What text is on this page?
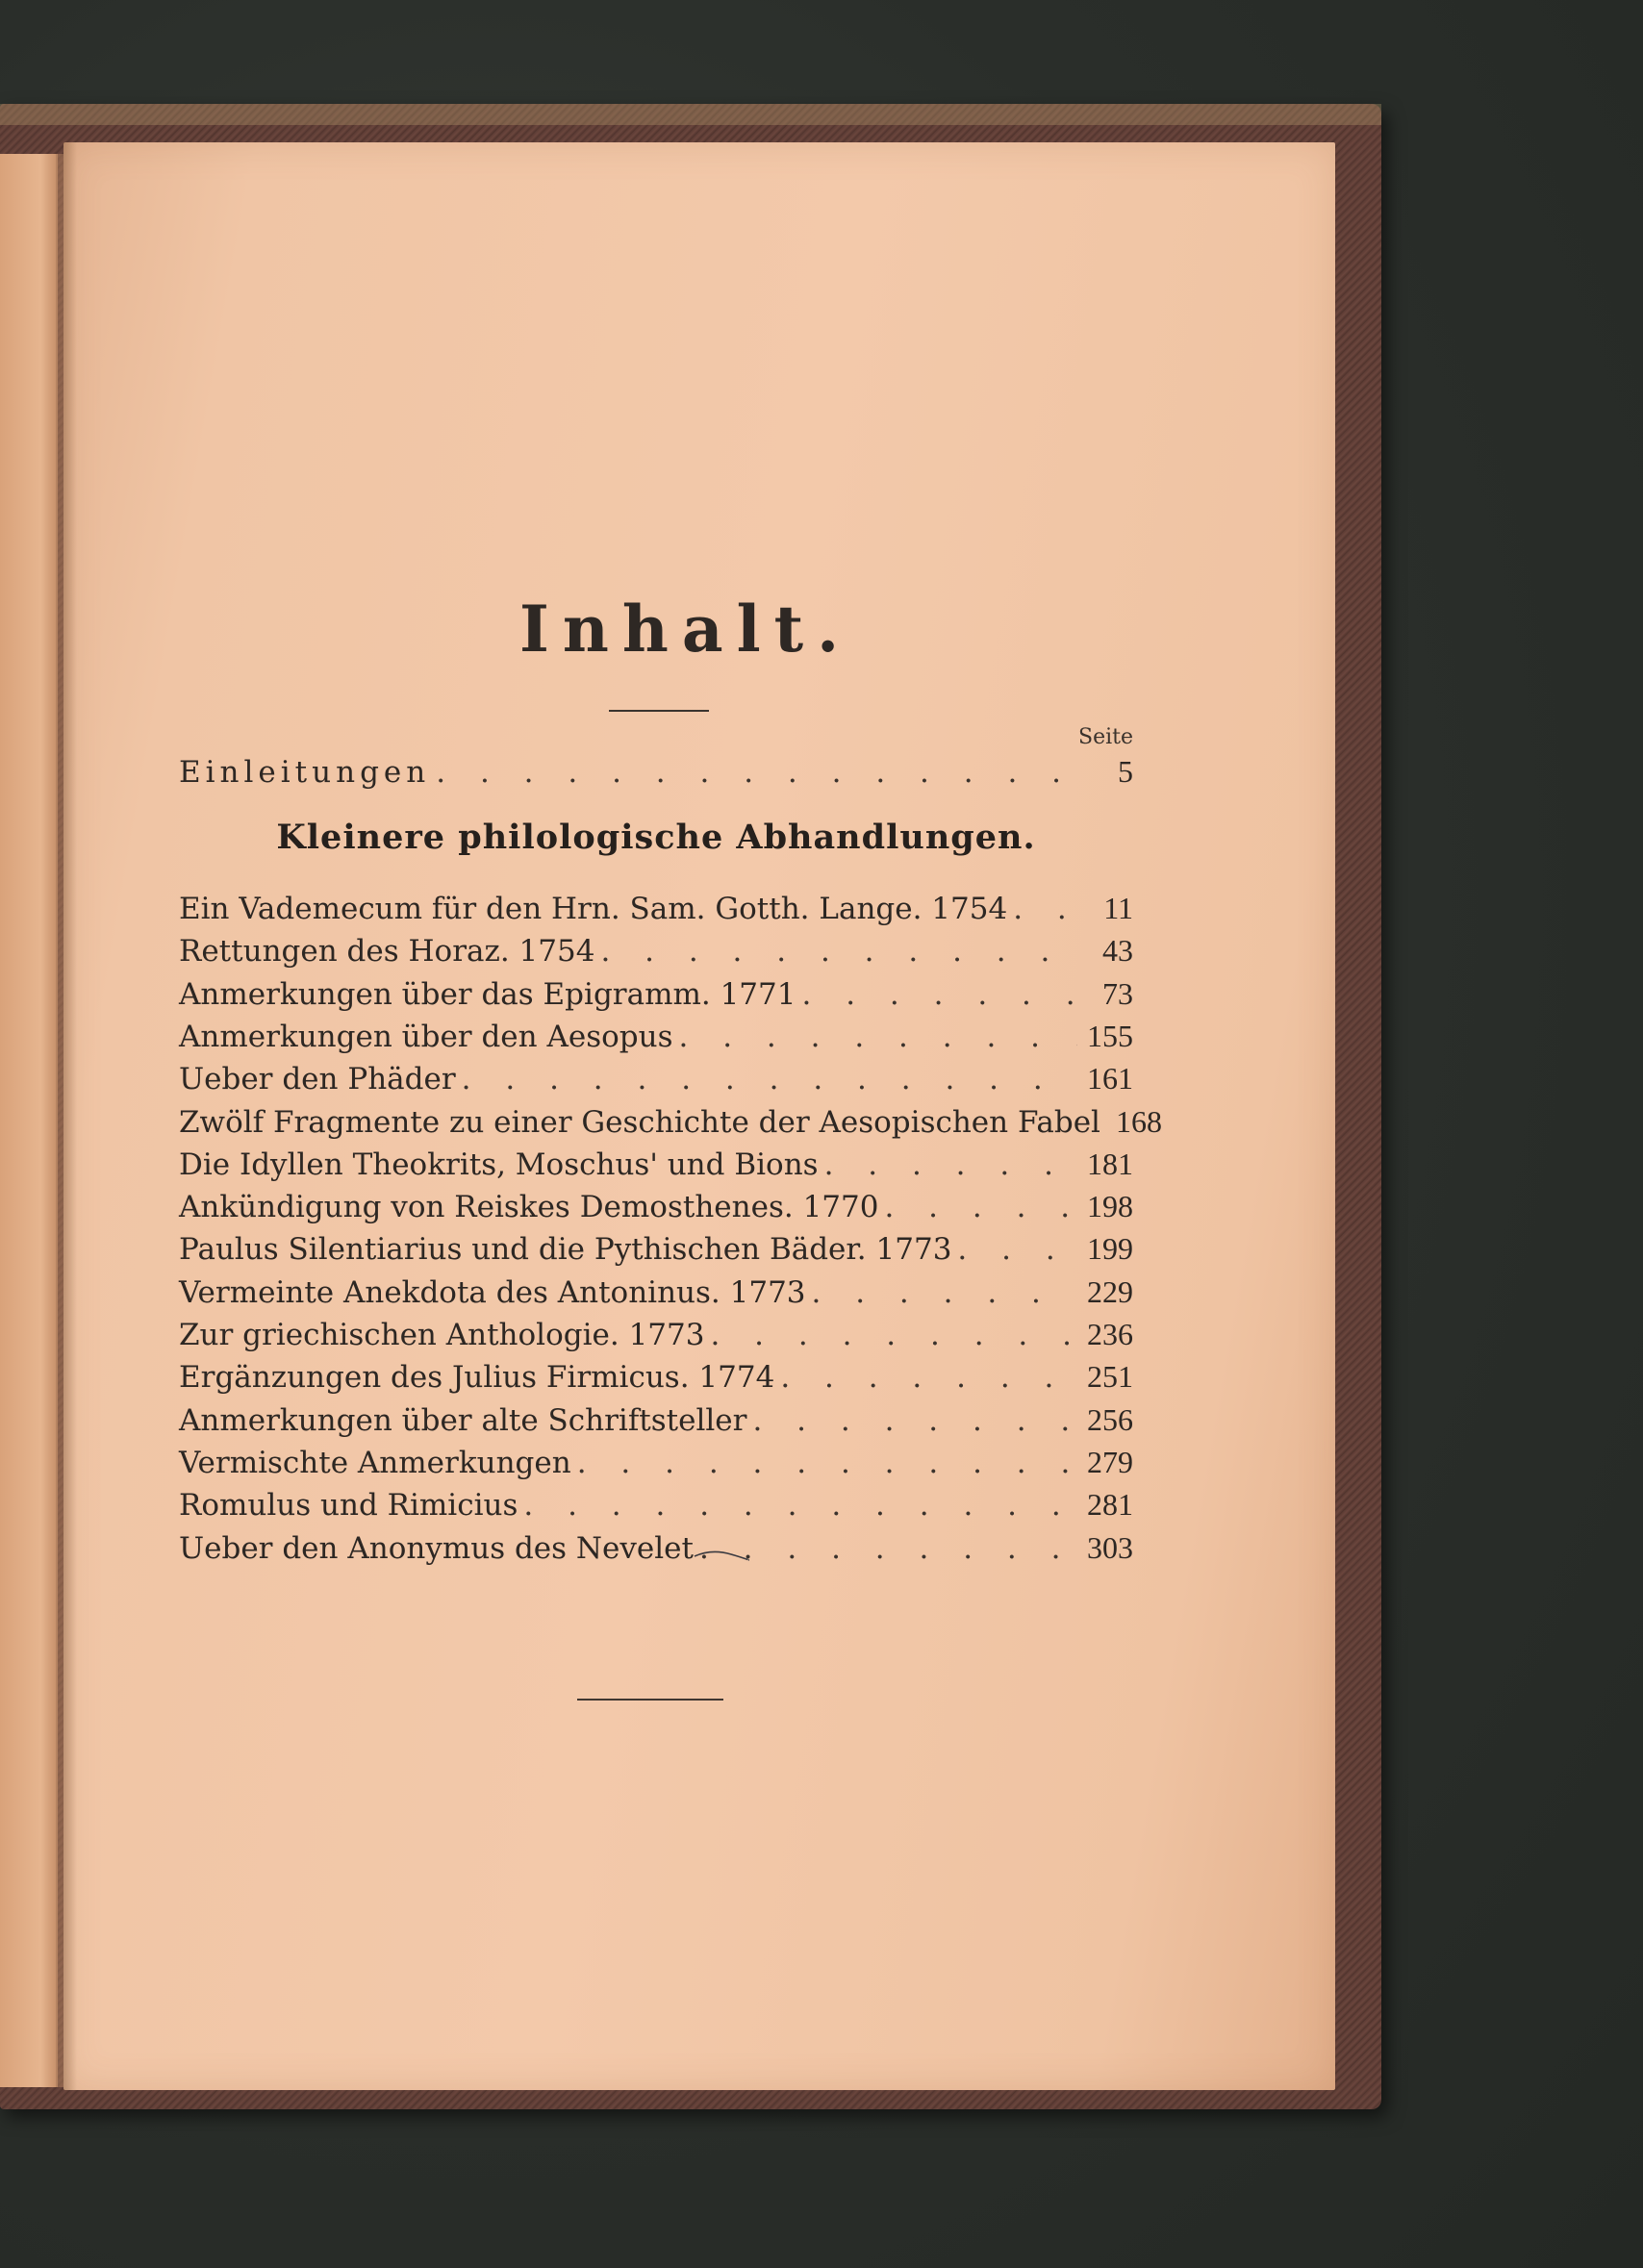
Inhalt.
Seite
Einleitungen . . .	5
Kleinere philologische Abhandlungen.
Ein Vademecum für den Hrn. Sam. Gotth. Lange. 1754 . . .	11
Rettungen des Horaz. 1754 . . .	43
Anmerkungen über das Epigramm. 1771 . . .	73
Anmerkungen über den Aesopus . . .	155
Ueber den Phäder . . .	161
Zwölf Fragmente zu einer Geschichte der Aesopischen Fabel 168
Die Idyllen Theokrits, Moschus' und Bions . . .	181
Ankündigung von Reiskes Demosthenes. 1770 . . .	198
Paulus Silentiarius und die Pythischen Bäder. 1773 . . .	199
Vermeinte Anekdota des Antoninus. 1773 . . .	229
Zur griechischen Anthologie. 1773 . . .	236
Ergänzungen des Julius Firmicus. 1774 . . .	251
Anmerkungen über alte Schriftsteller . . .	256
Vermischte Anmerkungen . . .	279
Romulus und Rimicius . . .	281
Ueber den Anonymus des Nevelet . . .	303
